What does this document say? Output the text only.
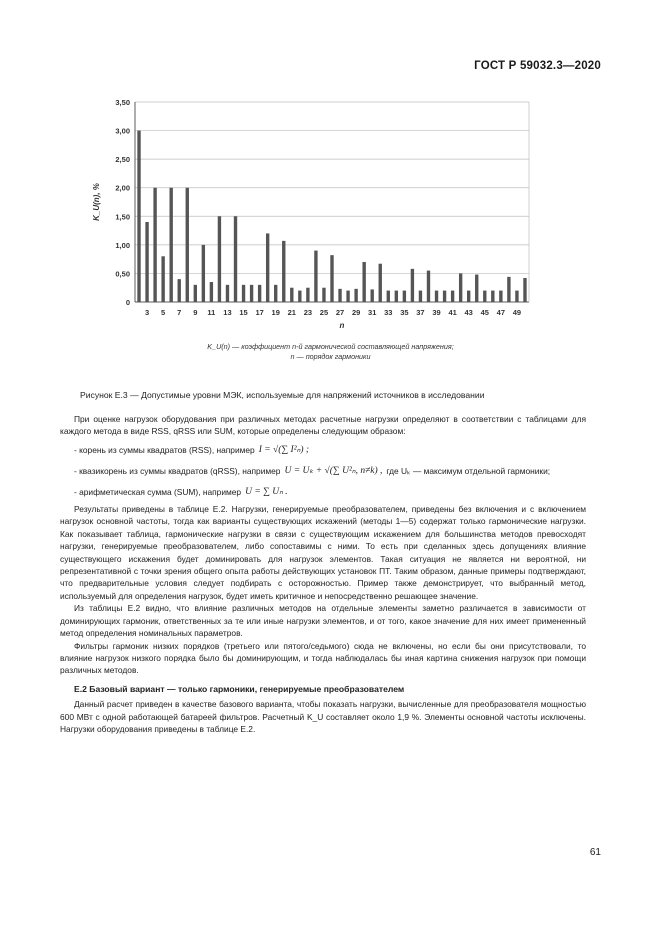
ГОСТ Р 59032.3—2020
0
0,50
1,00
1,50
2,00
2,50
3,00
3,50
3 5 7 9 11 13 15 17 19 21 23 25 27 29 31 33 35 37 39 41 43 45 47 49
n
K_U(n), %
K_U(n) — коэффициент n-й гармонической составляющей напряжения;
n — порядок гармоники
Рисунок Е.3 — Допустимые уровни МЭК, используемые для напряжений источников в исследовании

При оценке нагрузок оборудования при различных методах расчетные нагрузки определяют в соответствии с таблицами для каждого метода в виде RSS, qRSS или SUM, которые определены следующим образом:

- корень из суммы квадратов (RSS), например I = √(∑ I²ₙ) ;
- квазикорень из суммы квадратов (qRSS), например U = Uₖ + √(∑ U²ₙ, n≠k) , где Uₖ — максимум отдельной гармоники;
- арифметическая сумма (SUM), например U = ∑ Uₙ .

Результаты приведены в таблице Е.2. Нагрузки, генерируемые преобразователем, приведены без включения и с включением нагрузок основной частоты, тогда как варианты существующих искажений (методы 1—5) содержат только гармонические нагрузки. Как показывает таблица, гармонические нагрузки в связи с существующим искажением для большинства методов превосходят нагрузки, генерируемые преобразователем, либо сопоставимы с ними. То есть при сделанных здесь допущениях влияние существующего искажения будет доминировать для нагрузок элементов. Такая ситуация не является ни вероятной, ни репрезентативной с точки зрения общего опыта работы действующих установок ПТ. Таким образом, данные примеры подтверждают, что предварительные условия следует подбирать с осторожностью. Пример также демонстрирует, что выбранный метод, используемый для определения нагрузок, будет иметь критичное и непосредственно решающее значение.

Из таблицы Е.2 видно, что влияние различных методов на отдельные элементы заметно различается в зависимости от доминирующих гармоник, ответственных за те или иные нагрузки элементов, и от того, какое значение для них имеет примененный метод определения номинальных параметров.

Фильтры гармоник низких порядков (третьего или пятого/седьмого) сюда не включены, но если бы они присутствовали, то влияние нагрузок низкого порядка было бы доминирующим, и тогда наблюдалась бы иная картина снижения нагрузок при помощи различных методов.

Е.2 Базовый вариант — только гармоники, генерируемые преобразователем

Данный расчет приведен в качестве базового варианта, чтобы показать нагрузки, вычисленные для преобразователя мощностью 600 МВт с одной работающей батареей фильтров. Расчетный K_U составляет около 1,9 %. Элементы основной частоты исключены. Нагрузки оборудования приведены в таблице Е.2.

61
